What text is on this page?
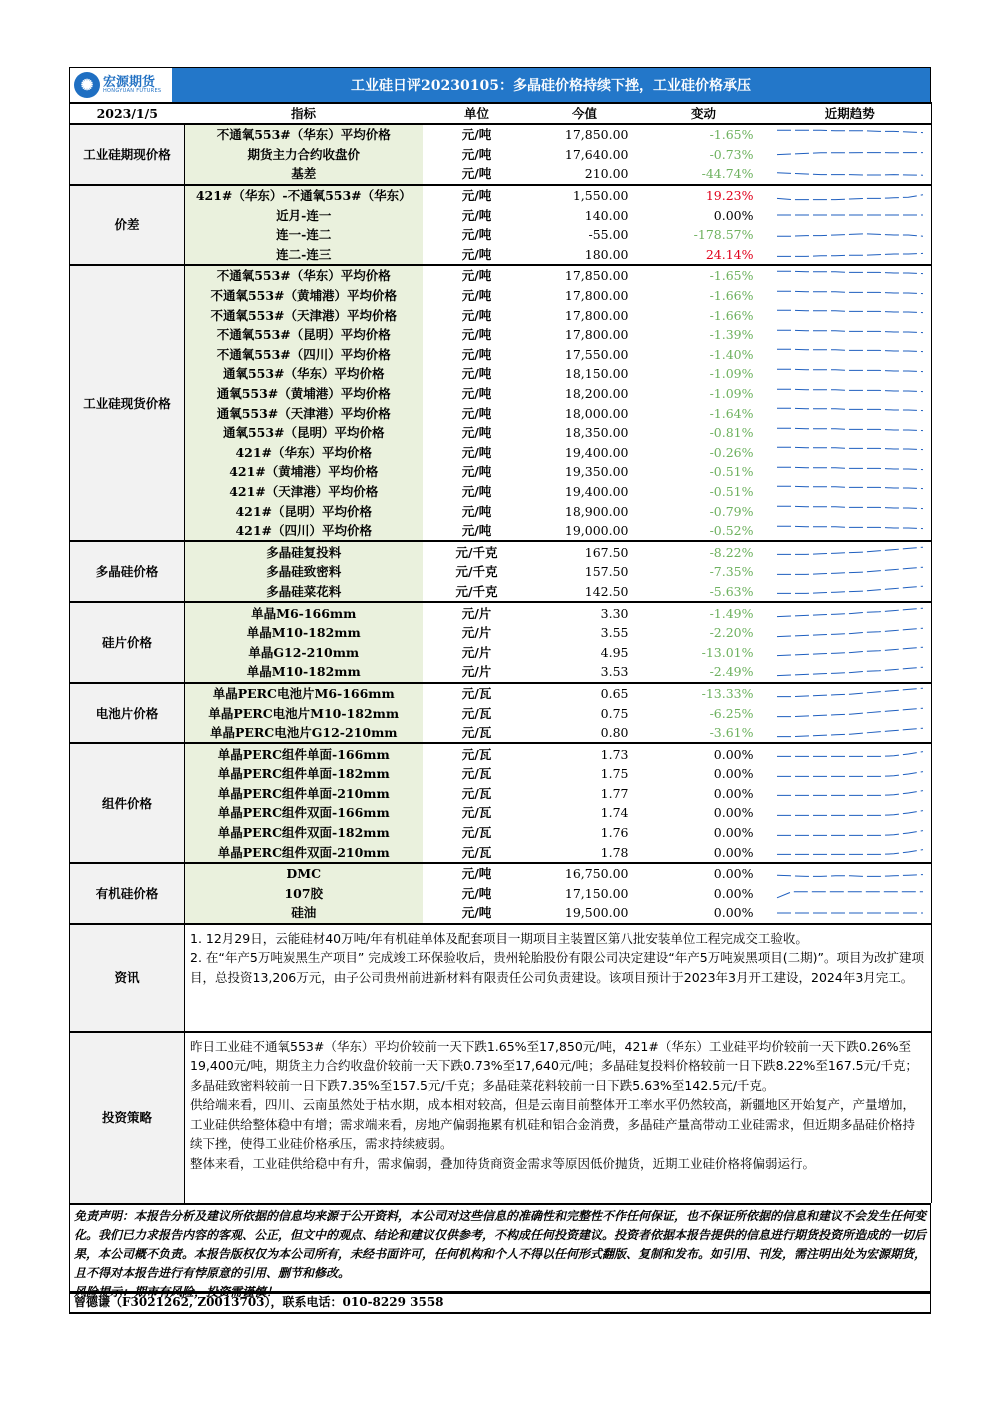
✺ 宏源期货
HONGYUAN FUTURES	工业硅日评20230105：多晶硅价格持续下挫，工业硅价格承压
2023/1/5	指标	单位	今值	变动	近期趋势
工业硅期现价格	不通氧553#（华东）平均价格	元/吨	17,850.00	-1.65%	

	期货主力合约收盘价	元/吨	17,640.00	-0.73%	

	基差	元/吨	210.00	-44.74%	

价差	421#（华东）-不通氧553#（华东）	元/吨	1,550.00	19.23%	

	近月-连一	元/吨	140.00	0.00%	

	连一-连二	元/吨	-55.00	-178.57%	

	连二-连三	元/吨	180.00	24.14%	

工业硅现货价格	不通氧553#（华东）平均价格	元/吨	17,850.00	-1.65%	

	不通氧553#（黄埔港）平均价格	元/吨	17,800.00	-1.66%	

	不通氧553#（天津港）平均价格	元/吨	17,800.00	-1.66%	

	不通氧553#（昆明）平均价格	元/吨	17,800.00	-1.39%	

	不通氧553#（四川）平均价格	元/吨	17,550.00	-1.40%	

	通氧553#（华东）平均价格	元/吨	18,150.00	-1.09%	

	通氧553#（黄埔港）平均价格	元/吨	18,200.00	-1.09%	

	通氧553#（天津港）平均价格	元/吨	18,000.00	-1.64%	

	通氧553#（昆明）平均价格	元/吨	18,350.00	-0.81%	

	421#（华东）平均价格	元/吨	19,400.00	-0.26%	

	421#（黄埔港）平均价格	元/吨	19,350.00	-0.51%	

	421#（天津港）平均价格	元/吨	19,400.00	-0.51%	

	421#（昆明）平均价格	元/吨	18,900.00	-0.79%	

	421#（四川）平均价格	元/吨	19,000.00	-0.52%	

多晶硅价格	多晶硅复投料	元/千克	167.50	-8.22%	

	多晶硅致密料	元/千克	157.50	-7.35%	

	多晶硅菜花料	元/千克	142.50	-5.63%	

硅片价格	单晶M6-166mm	元/片	3.30	-1.49%	

	单晶M10-182mm	元/片	3.55	-2.20%	

	单晶G12-210mm	元/片	4.95	-13.01%	

	单晶M10-182mm	元/片	3.53	-2.49%	

电池片价格	单晶PERC电池片M6-166mm	元/瓦	0.65	-13.33%	

	单晶PERC电池片M10-182mm	元/瓦	0.75	-6.25%	

	单晶PERC电池片G12-210mm	元/瓦	0.80	-3.61%	

组件价格	单晶PERC组件单面-166mm	元/瓦	1.73	0.00%	

	单晶PERC组件单面-182mm	元/瓦	1.75	0.00%	

	单晶PERC组件单面-210mm	元/瓦	1.77	0.00%	

	单晶PERC组件双面-166mm	元/瓦	1.74	0.00%	

	单晶PERC组件双面-182mm	元/瓦	1.76	0.00%	

	单晶PERC组件双面-210mm	元/瓦	1.78	0.00%	

有机硅价格	DMC	元/吨	16,750.00	0.00%	

	107胶	元/吨	17,150.00	0.00%	

	硅油	元/吨	19,500.00	0.00%	
资讯	1. 12月29日，云能硅材40万吨/年有机硅单体及配套项目一期项目主装置区第八批安装单位工程完成交工验收。

2. 在“年产5万吨炭黑生产项目” 完成竣工环保验收后，贵州轮胎股份有限公司决定建设“年产5万吨炭黑项目(二期)”。项目为改扩建项目，总投资13,206万元，由子公司贵州前进新材料有限责任公司负责建设。该项目预计于2023年3月开工建设，2024年3月完工。

投资策略	昨日工业硅不通氧553#（华东）平均价较前一天下跌1.65%至17,850元/吨，421#（华东）工业硅平均价较前一天下跌0.26%至19,400元/吨，期货主力合约收盘价较前一天下跌0.73%至17,640元/吨；多晶硅复投料价格较前一日下跌8.22%至167.5元/千克；多晶硅致密料较前一日下跌7.35%至157.5元/千克；多晶硅菜花料较前一日下跌5.63%至142.5元/千克。

供给端来看，四川、云南虽然处于枯水期，成本相对较高，但是云南目前整体开工率水平仍然较高，新疆地区开始复产，产量增加，工业硅供给整体稳中有增；需求端来看，房地产偏弱拖累有机硅和铝合金消费，多晶硅产量高带动工业硅需求，但近期多晶硅价格持续下挫，使得工业硅价格承压，需求持续疲弱。

整体来看，工业硅供给稳中有升，需求偏弱，叠加待货商资金需求等原因低价抛货，近期工业硅价格将偏弱运行。

免责声明：本报告分析及建议所依据的信息均来源于公开资料，本公司对这些信息的准确性和完整性不作任何保证，也不保证所依据的信息和建议不会发生任何变化。我们已力求报告内容的客观、公正，但文中的观点、结论和建议仅供参考，不构成任何投资建议。投资者依据本报告提供的信息进行期货投资所造成的一切后果，本公司概不负责。本报告版权仅为本公司所有，未经书面许可，任何机构和个人不得以任何形式翻版、复制和发布。如引用、刊发，需注明出处为宏源期货，且不得对本报告进行有悖原意的引用、删节和修改。
风险提示：期市有风险，投资需谨慎！
曾德谦（F3021262, Z0013703），联系电话：010-8229 3558
